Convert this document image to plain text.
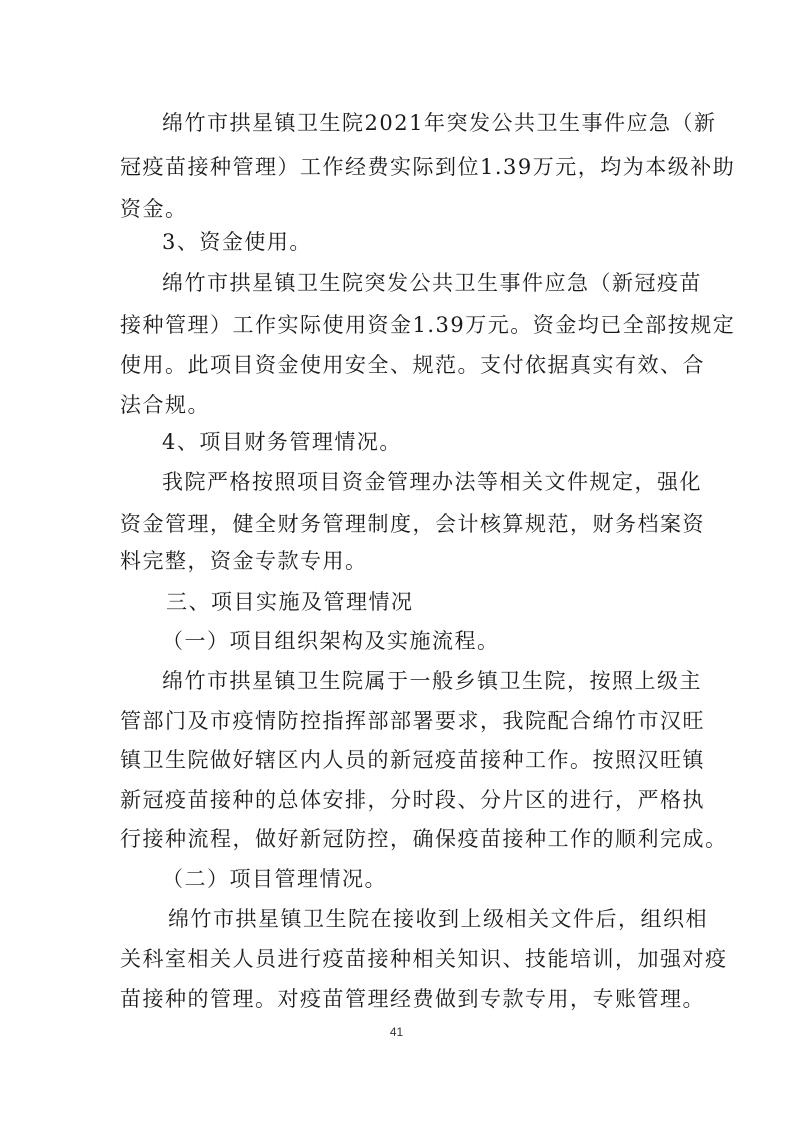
绵竹市拱星镇卫生院2021年突发公共卫生事件应急（新
冠疫苗接种管理）工作经费实际到位1.39万元，均为本级补助
资金。
3、资金使用。
绵竹市拱星镇卫生院突发公共卫生事件应急（新冠疫苗
接种管理）工作实际使用资金1.39万元。资金均已全部按规定
使用。此项目资金使用安全、规范。支付依据真实有效、合
法合规。
4、项目财务管理情况。
我院严格按照项目资金管理办法等相关文件规定，强化
资金管理，健全财务管理制度，会计核算规范，财务档案资
料完整，资金专款专用。
三、项目实施及管理情况
（一）项目组织架构及实施流程。
绵竹市拱星镇卫生院属于一般乡镇卫生院，按照上级主
管部门及市疫情防控指挥部部署要求，我院配合绵竹市汉旺
镇卫生院做好辖区内人员的新冠疫苗接种工作。按照汉旺镇
新冠疫苗接种的总体安排，分时段、分片区的进行，严格执
行接种流程，做好新冠防控，确保疫苗接种工作的顺利完成。
（二）项目管理情况。
绵竹市拱星镇卫生院在接收到上级相关文件后，组织相
关科室相关人员进行疫苗接种相关知识、技能培训，加强对疫
苗接种的管理。对疫苗管理经费做到专款专用，专账管理。
41
